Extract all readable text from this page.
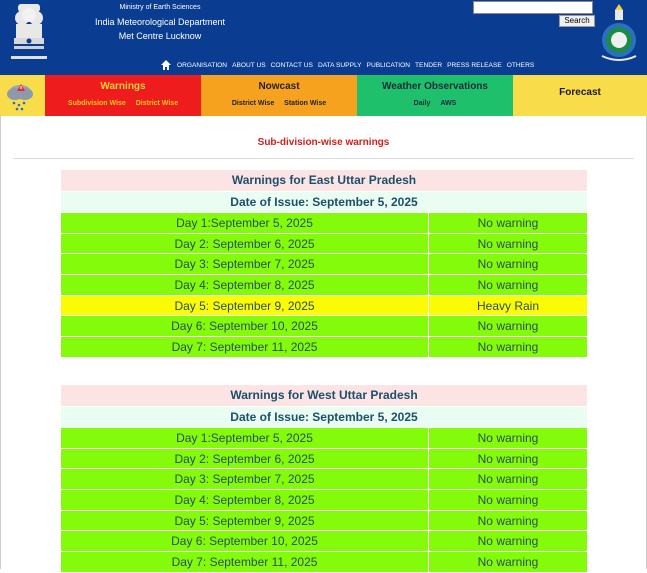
Ministry of Earth Sciences
India Meteorological Department
Met Centre Lucknow
Search
ORGANISATION ABOUT US CONTACT US DATA SUPPLY PUBLICATION TENDER PRESS RELEASE OTHERS
Warnings
Subdivision Wise District Wise
Nowcast
District Wise Station Wise
Weather Observations
Daily AWS
Forecast
Sub-division-wise warnings
Warnings for East Uttar Pradesh
Date of Issue: September 5, 2025
Day 1:September 5, 2025	No warning
Day 2: September 6, 2025	No warning
Day 3: September 7, 2025	No warning
Day 4: September 8, 2025	No warning
Day 5: September 9, 2025	Heavy Rain
Day 6: September 10, 2025	No warning
Day 7: September 11, 2025	No warning
Warnings for West Uttar Pradesh
Date of Issue: September 5, 2025
Day 1:September 5, 2025	No warning
Day 2: September 6, 2025	No warning
Day 3: September 7, 2025	No warning
Day 4: September 8, 2025	No warning
Day 5: September 9, 2025	No warning
Day 6: September 10, 2025	No warning
Day 7: September 11, 2025	No warning
